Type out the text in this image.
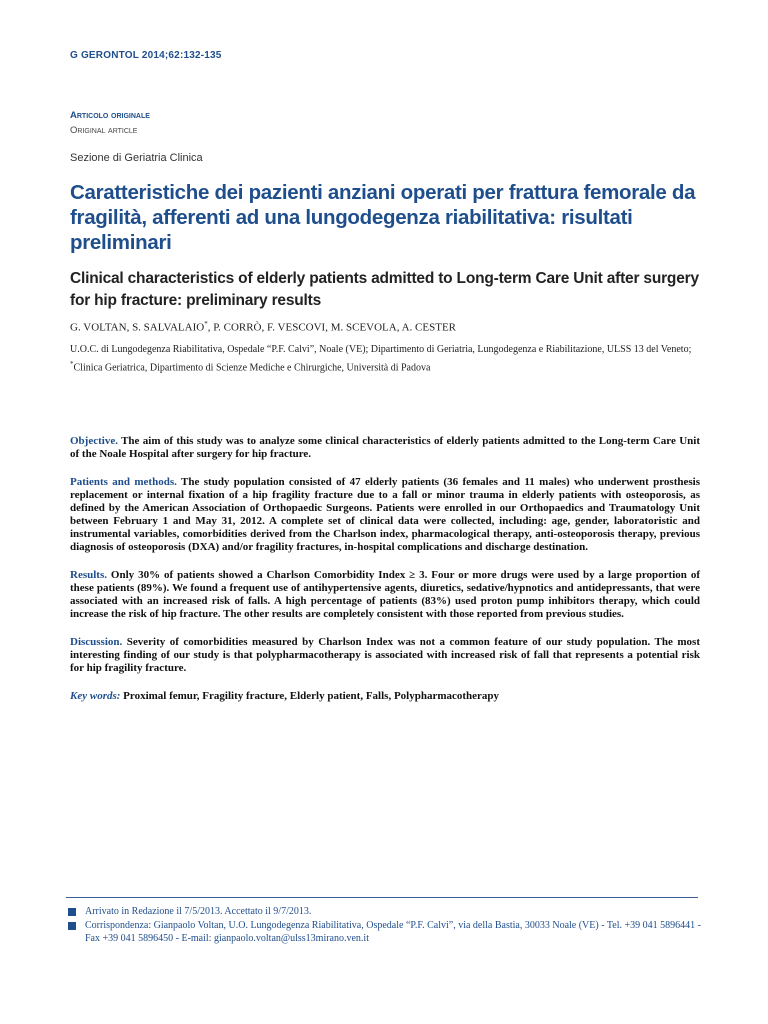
G GERONTOL 2014;62:132-135
Articolo originale
Original article
Sezione di Geriatria Clinica
Caratteristiche dei pazienti anziani operati per frattura femorale da fragilità, afferenti ad una lungodegenza riabilitativa: risultati preliminari
Clinical characteristics of elderly patients admitted to Long-term Care Unit after surgery for hip fracture: preliminary results
G. VOLTAN, S. SALVALAIO*, P. CORRÒ, F. VESCOVI, M. SCEVOLA, A. CESTER
U.O.C. di Lungodegenza Riabilitativa, Ospedale “P.F. Calvi”, Noale (VE); Dipartimento di Geriatria, Lungodegenza e Riabilitazione, ULSS 13 del Veneto; *Clinica Geriatrica, Dipartimento di Scienze Mediche e Chirurgiche, Università di Padova

Objective. The aim of this study was to analyze some clinical characteristics of elderly patients admitted to the Long-term Care Unit of the Noale Hospital after surgery for hip fracture.

Patients and methods. The study population consisted of 47 elderly patients (36 females and 11 males) who underwent prosthesis replacement or internal fixation of a hip fragility fracture due to a fall or minor trauma in elderly patients with osteoporosis, as defined by the American Association of Orthopaedic Surgeons. Patients were enrolled in our Orthopaedics and Traumatology Unit between February 1 and May 31, 2012. A complete set of clinical data were collected, including: age, gender, laboratoristic and instrumental variables, comorbidities derived from the Charlson index, pharmacological therapy, anti-osteoporosis therapy, previous diagnosis of osteoporosis (DXA) and/or fragility fractures, in-hospital complications and discharge destination.

Results. Only 30% of patients showed a Charlson Comorbidity Index ≥ 3. Four or more drugs were used by a large proportion of these patients (89%). We found a frequent use of antihypertensive agents, diuretics, sedative/hypnotics and antidepressants, that were associated with an increased risk of falls. A high percentage of patients (83%) used proton pump inhibitors therapy, which could increase the risk of hip fracture. The other results are completely consistent with those reported from previous studies.

Discussion. Severity of comorbidities measured by Charlson Index was not a common feature of our study population. The most interesting finding of our study is that polypharmacotherapy is associated with increased risk of fall that represents a potential risk for hip fragility fracture.

Key words: Proximal femur, Fragility fracture, Elderly patient, Falls, Polypharmacotherapy

Arrivato in Redazione il 7/5/2013. Accettato il 9/7/2013.
Corrispondenza: Gianpaolo Voltan, U.O. Lungodegenza Riabilitativa, Ospedale “P.F. Calvi”, via della Bastia, 30033 Noale (VE) - Tel. +39 041 5896441 - Fax +39 041 5896450 - E-mail: gianpaolo.voltan@ulss13mirano.ven.it
